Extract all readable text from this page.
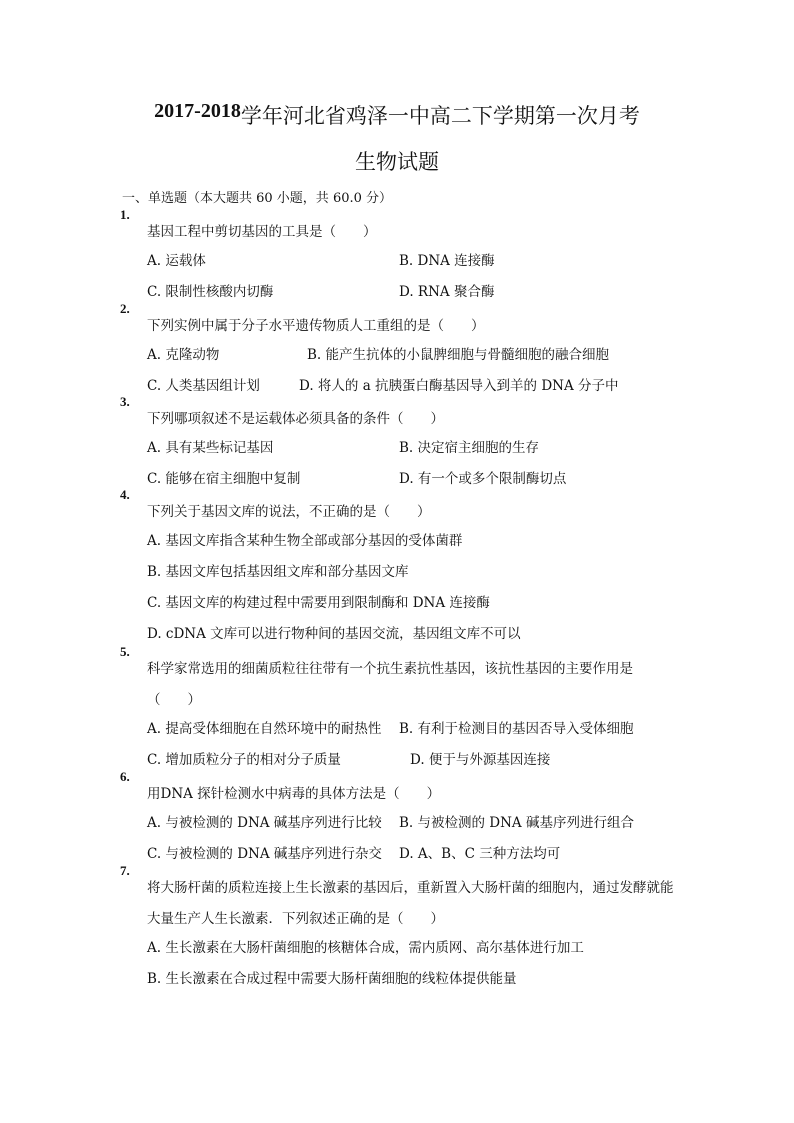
2017-2018学年河北省鸡泽一中高二下学期第一次月考
生物试题
一、单选题（本大题共 60 小题，共 60.0 分）
1.
基因工程中剪切基因的工具是（　　）
A. 运载体	B. DNA 连接酶
C. 限制性核酸内切酶	D. RNA 聚合酶
2.
下列实例中属于分子水平遗传物质人工重组的是（　　）
A. 克隆动物	B. 能产生抗体的小鼠脾细胞与骨髓细胞的融合细胞
C. 人类基因组计划	D. 将人的 a 抗胰蛋白酶基因导入到羊的 DNA 分子中
3.
下列哪项叙述不是运载体必须具备的条件（　　）
A. 具有某些标记基因	B. 决定宿主细胞的生存
C. 能够在宿主细胞中复制	D. 有一个或多个限制酶切点
4.
下列关于基因文库的说法，不正确的是（　　）
A. 基因文库指含某种生物全部或部分基因的受体菌群
B. 基因文库包括基因组文库和部分基因文库
C. 基因文库的构建过程中需要用到限制酶和 DNA 连接酶
D. cDNA 文库可以进行物种间的基因交流，基因组文库不可以
5.
科学家常选用的细菌质粒往往带有一个抗生素抗性基因，该抗性基因的主要作用是（　　）
A. 提高受体细胞在自然环境中的耐热性 B. 有利于检测目的基因否导入受体细胞
C. 增加质粒分子的相对分子质量	D. 便于与外源基因连接
6.
用DNA 探针检测水中病毒的具体方法是（　　）
A. 与被检测的 DNA 碱基序列进行比较 B. 与被检测的 DNA 碱基序列进行组合
C. 与被检测的 DNA 碱基序列进行杂交 D. A、B、C 三种方法均可
7.
将大肠杆菌的质粒连接上生长激素的基因后，重新置入大肠杆菌的细胞内，通过发酵就能大量生产人生长激素．下列叙述正确的是（　　）
A. 生长激素在大肠杆菌细胞的核糖体合成，需内质网、高尔基体进行加工
B. 生长激素在合成过程中需要大肠杆菌细胞的线粒体提供能量
